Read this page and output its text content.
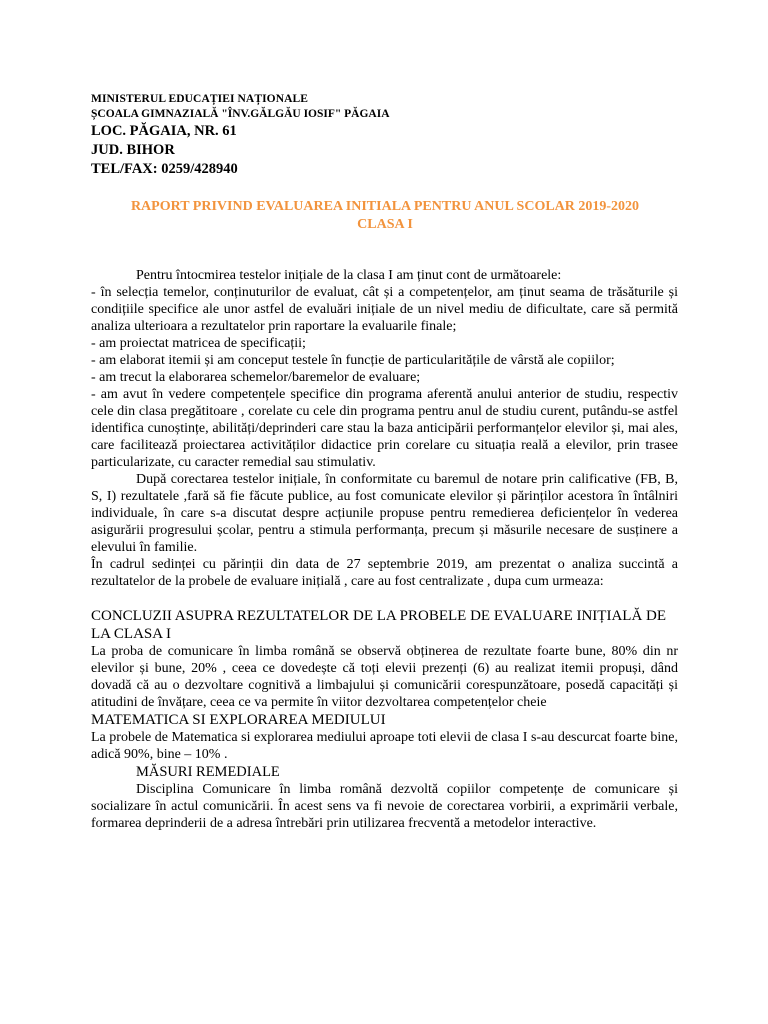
MINISTERUL EDUCAȚIEI NAȚIONALE
ȘCOALA GIMNAZIALĂ "ÎNV.GĂLGĂU IOSIF" PĂGAIA
LOC. PĂGAIA, NR. 61
JUD. BIHOR
TEL/FAX: 0259/428940
RAPORT PRIVIND EVALUAREA INITIALA PENTRU ANUL SCOLAR 2019-2020
CLASA I

Pentru întocmirea testelor inițiale de la clasa I am ținut cont de următoarele:

- în selecția temelor, conținuturilor de evaluat, cât și a competențelor, am ținut seama de trăsăturile și condițiile specifice ale unor astfel de evaluări inițiale de un nivel mediu de dificultate, care să permită analiza ulterioara a rezultatelor prin raportare la evaluarile finale;

- am proiectat matricea de specificații;

- am elaborat itemii și am conceput testele în funcție de particularitățile de vârstă ale copiilor;

- am trecut la elaborarea schemelor/baremelor de evaluare;

- am avut în vedere competențele specifice din programa aferentă anului anterior de studiu, respectiv cele din clasa pregătitoare , corelate cu cele din programa pentru anul de studiu curent, putându-se astfel identifica cunoștințe, abilități/deprinderi care stau la baza anticipării performanțelor elevilor și, mai ales, care facilitează proiectarea activităților didactice prin corelare cu situația reală a elevilor, prin trasee particularizate, cu caracter remedial sau stimulativ.

După corectarea testelor inițiale, în conformitate cu baremul de notare prin calificative (FB, B, S, I) rezultatele ,fară să fie făcute publice, au fost comunicate elevilor și părinților acestora în întâlniri individuale, în care s-a discutat despre acțiunile propuse pentru remedierea deficiențelor în vederea asigurării progresului școlar, pentru a stimula performanța, precum și măsurile necesare de susținere a elevului în familie.

În cadrul sedinței cu părinții din data de 27 septembrie 2019, am prezentat o analiza succintă a rezultatelor de la probele de evaluare inițială , care au fost centralizate , dupa cum urmeaza:

CONCLUZII ASUPRA REZULTATELOR DE LA PROBELE DE EVALUARE INIȚIALĂ DE LA CLASA I

La proba de comunicare în limba română se observă obținerea de rezultate foarte bune, 80% din nr elevilor și bune, 20% , ceea ce dovedește că toți elevii prezenți (6) au realizat itemii propuși, dând dovadă că au o dezvoltare cognitivă a limbajului și comunicării corespunzătoare, posedă capacități și atitudini de învățare, ceea ce va permite în viitor dezvoltarea competențelor cheie

MATEMATICA SI EXPLORAREA MEDIULUI

La probele de Matematica si explorarea mediului aproape toti elevii de clasa I s-au descurcat foarte bine, adică 90%, bine – 10% .

MĂSURI REMEDIALE

Disciplina Comunicare în limba română dezvoltă copiilor competențe de comunicare și socializare în actul comunicării. În acest sens va fi nevoie de corectarea vorbirii, a exprimării verbale, formarea deprinderii de a adresa întrebări prin utilizarea frecventă a metodelor interactive.
